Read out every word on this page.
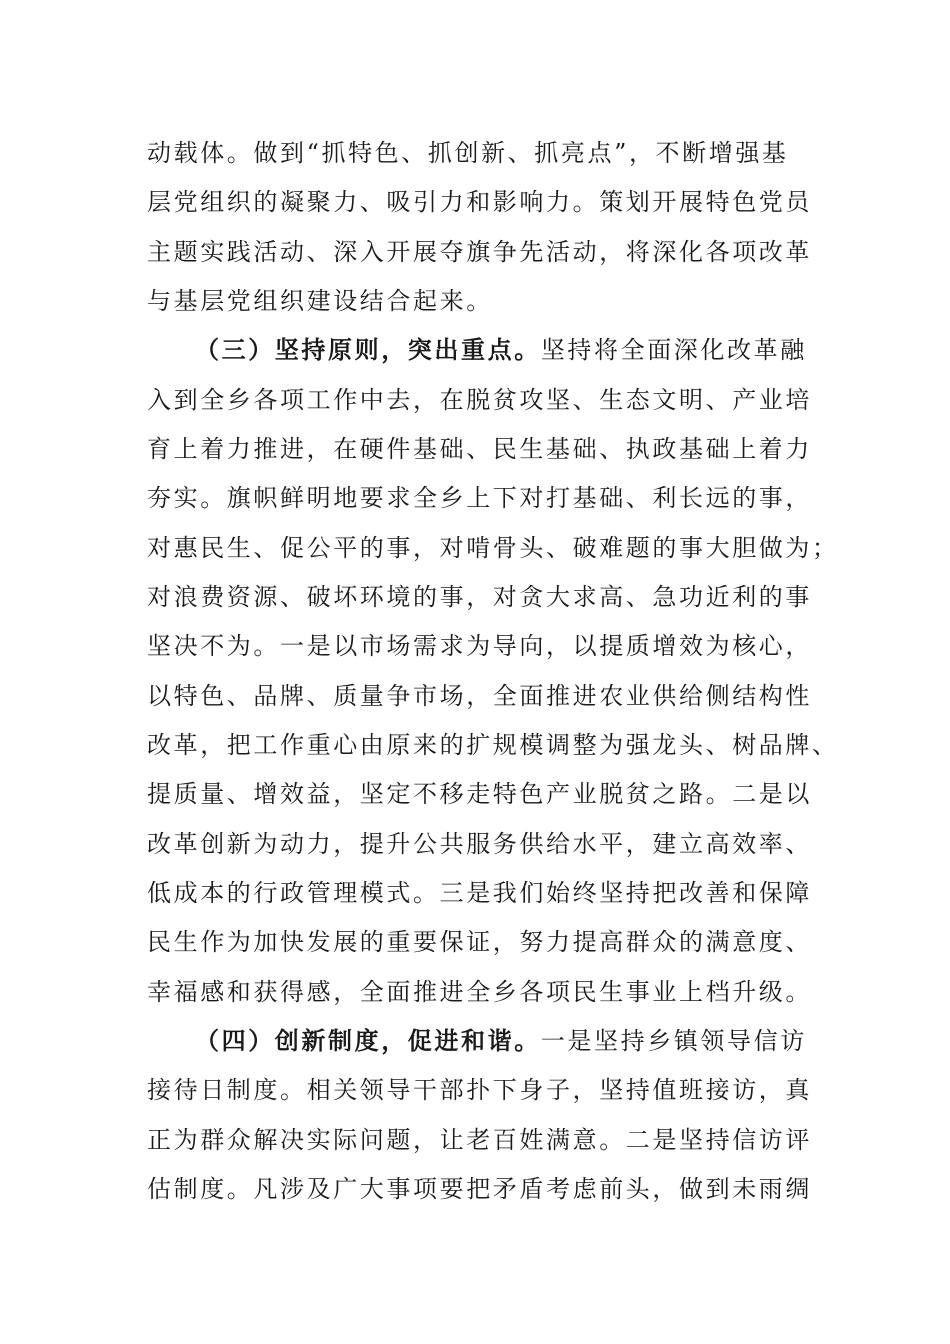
动载体。做到“抓特色、抓创新、抓亮点”，不断增强基
层党组织的凝聚力、吸引力和影响力。策划开展特色党员
主题实践活动、深入开展夺旗争先活动，将深化各项改革
与基层党组织建设结合起来。
（三）坚持原则，突出重点。坚持将全面深化改革融
入到全乡各项工作中去，在脱贫攻坚、生态文明、产业培
育上着力推进，在硬件基础、民生基础、执政基础上着力
夯实。旗帜鲜明地要求全乡上下对打基础、利长远的事，
对惠民生、促公平的事，对啃骨头、破难题的事大胆做为；
对浪费资源、破坏环境的事，对贪大求高、急功近利的事
坚决不为。一是以市场需求为导向，以提质增效为核心，
以特色、品牌、质量争市场，全面推进农业供给侧结构性
改革，把工作重心由原来的扩规模调整为强龙头、树品牌、
提质量、增效益，坚定不移走特色产业脱贫之路。二是以
改革创新为动力，提升公共服务供给水平，建立高效率、
低成本的行政管理模式。三是我们始终坚持把改善和保障
民生作为加快发展的重要保证，努力提高群众的满意度、
幸福感和获得感，全面推进全乡各项民生事业上档升级。
（四）创新制度，促进和谐。一是坚持乡镇领导信访
接待日制度。相关领导干部扑下身子，坚持值班接访，真
正为群众解决实际问题，让老百姓满意。二是坚持信访评
估制度。凡涉及广大事项要把矛盾考虑前头，做到未雨绸
